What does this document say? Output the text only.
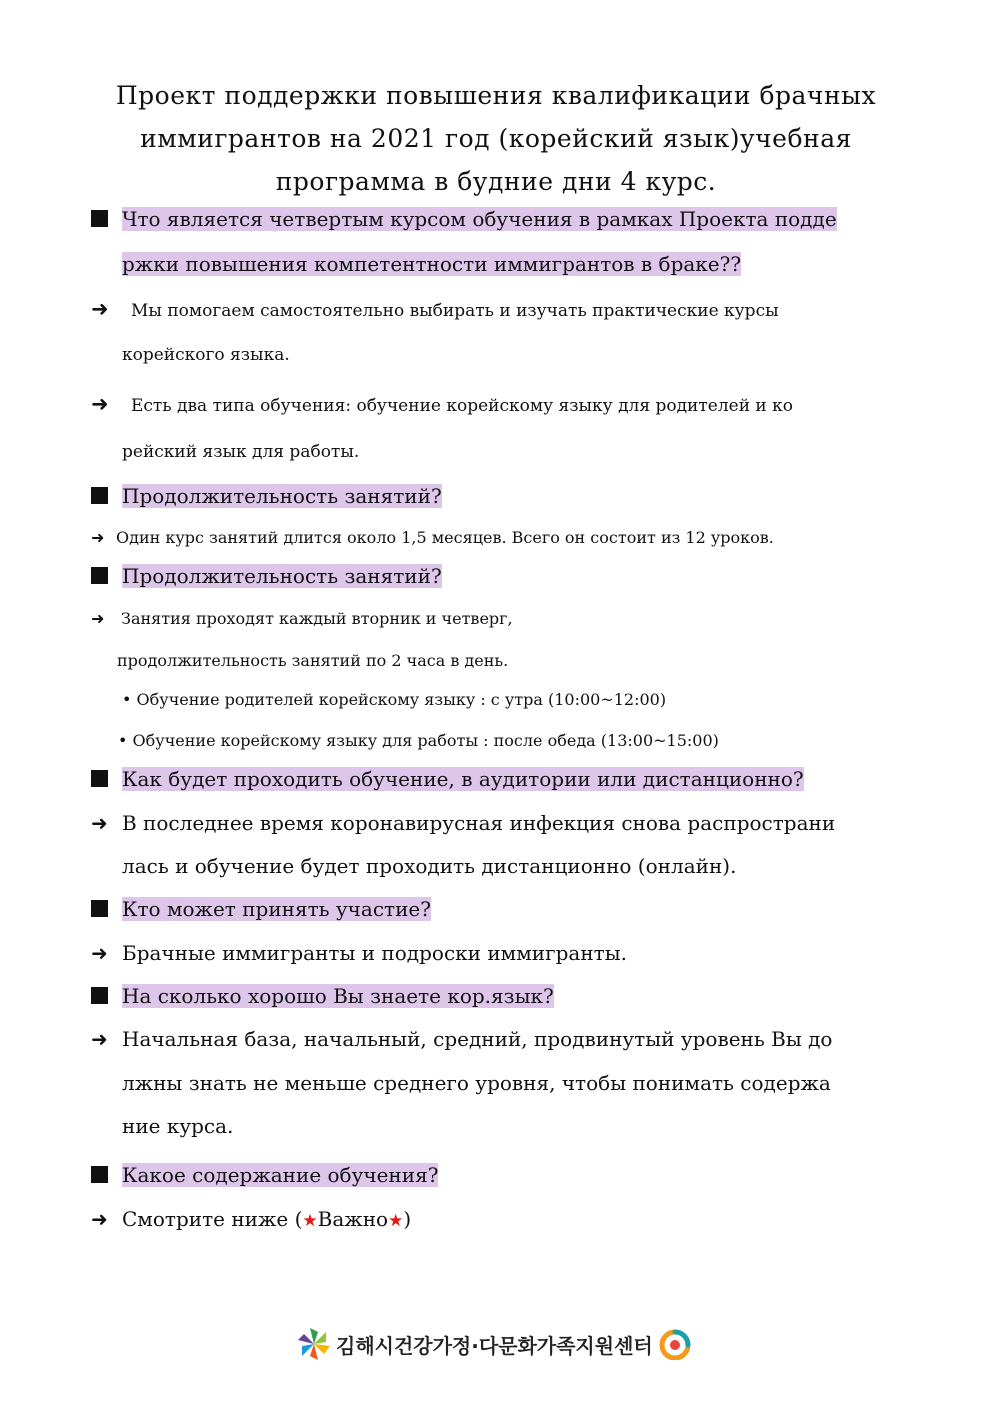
Проект поддержки повышения квалификации брачных
иммигрантов на 2021 год (корейский язык)учебная
программа в будние дни 4 курс.
Что является четвертым курсом обучения в рамках Проекта подде
ржки повышения компетентности иммигрантов в браке??
➜ Мы помогаем самостоятельно выбирать и изучать практические курсы
корейского языка.
➜ Есть два типа обучения: обучение корейскому языку для родителей и ко
рейский язык для работы.
Продолжительность занятий?
➜ Один курс занятий длится около 1,5 месяцев. Всего он состоит из 12 уроков.
Продолжительность занятий?
➜ Занятия проходят каждый вторник и четверг,
продолжительность занятий по 2 часа в день.
• Обучение родителей корейскому языку : с утра (10:00~12:00)
• Обучение корейскому языку для работы : после обеда (13:00~15:00)
Как будет проходить обучение, в аудитории или дистанционно?
➜ В последнее время коронавирусная инфекция снова распространи
лась и обучение будет проходить дистанционно (онлайн).
Кто может принять участие?
➜ Брачные иммигранты и подроски иммигранты.
На сколько хорошо Вы знаете кор.язык?
➜ Начальная база, начальный, средний, продвинутый уровень Вы до
лжны знать не меньше среднего уровня, чтобы понимать содержа
ние курса.
Какое содержание обучения?
➜ Смотрите ниже (★Важно★)
김해시건강가정·다문화가족지원센터
